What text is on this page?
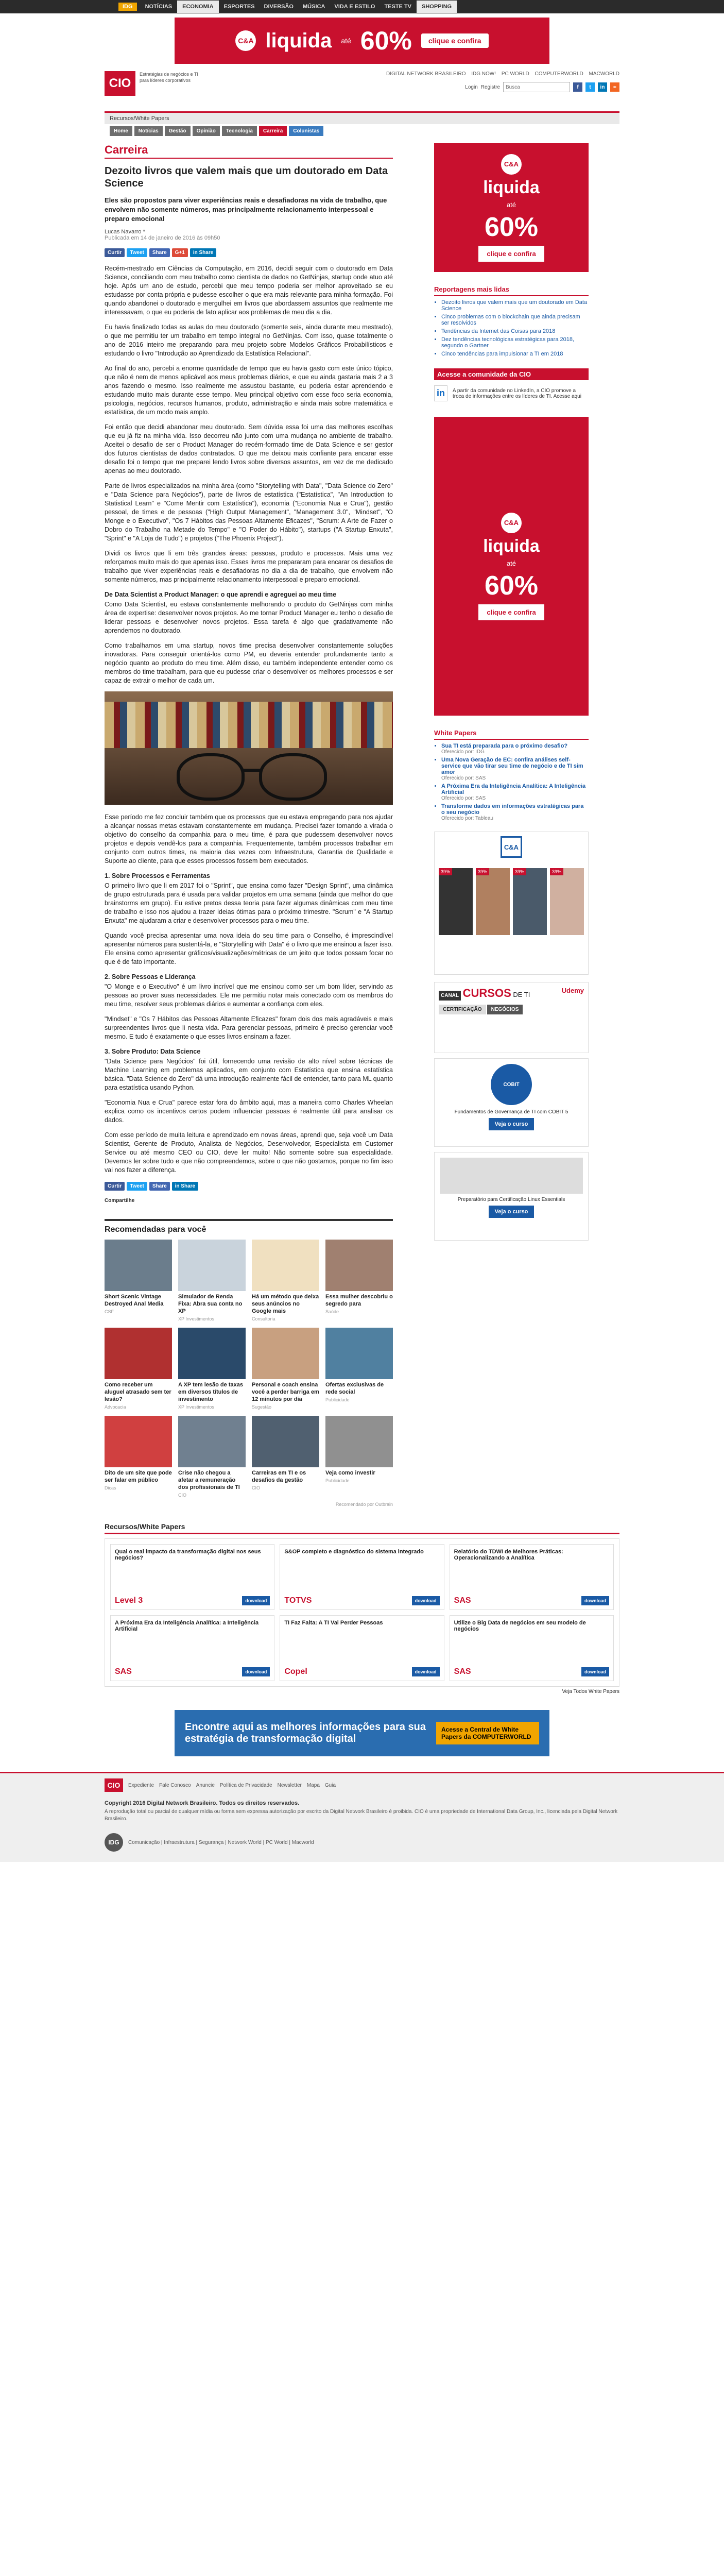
IDG	NOTÍCIAS	ECONOMIA	ESPORTES	DIVERSÃO	MÚSICA	VIDA E ESTILO	TESTE TV	SHOPPING
C&A liquida até 60%	clique e confira
CIO
Estratégias de negócios e TI para líderes corporativos
DIGITAL NETWORK BRASILEIRO IDG NOW! PC WORLD COMPUTERWORLD MACWORLD
Login Registre
Busca	f	t	in	≈
Recursos/White Papers
Home	Notícias	Gestão	Opinião	Tecnologia	Carreira	Colunistas
Carreira
Dezoito livros que valem mais que um doutorado em Data Science
Eles são propostos para viver experiências reais e desafiadoras na vida de trabalho, que envolvem não somente números, mas principalmente relacionamento interpessoal e preparo emocional
Lucas Navarro *
Publicada em 14 de janeiro de 2016 às 09h50
Curtir	Tweet	Share	G+1	in Share

Recém-mestrado em Ciências da Computação, em 2016, decidi seguir com o doutorado em Data Science, conciliando com meu trabalho como cientista de dados no GetNinjas, startup onde atuo até hoje. Após um ano de estudo, percebi que meu tempo poderia ser melhor aproveitado se eu estudasse por conta própria e pudesse escolher o que era mais relevante para minha formação. Foi quando abandonei o doutorado e mergulhei em livros que abordassem assuntos que realmente me interessavam, o que eu poderia de fato aplicar aos problemas de meu dia a dia.

Eu havia finalizado todas as aulas do meu doutorado (somente seis, ainda durante meu mestrado), o que me permitiu ter um trabalho em tempo integral no GetNinjas. Com isso, quase totalmente o ano de 2016 inteiro me preparando para meu projeto sobre Modelos Gráficos Probabilísticos e estudando o livro "Introdução ao Aprendizado da Estatística Relacional".

Ao final do ano, percebi a enorme quantidade de tempo que eu havia gasto com este único tópico, que não é nem de menos aplicável aos meus problemas diários, e que eu ainda gastaria mais 2 a 3 anos fazendo o mesmo. Isso realmente me assustou bastante, eu poderia estar aprendendo e estudando muito mais durante esse tempo. Meu principal objetivo com esse foco seria economia, psicologia, negócios, recursos humanos, produto, administração e ainda mais sobre matemática e estatística, de um modo mais amplo.

Foi então que decidi abandonar meu doutorado. Sem dúvida essa foi uma das melhores escolhas que eu já fiz na minha vida. Isso decorreu não junto com uma mudança no ambiente de trabalho. Aceitei o desafio de ser o Product Manager do recém-formado time de Data Science e ser gestor dos futuros cientistas de dados contratados. O que me deixou mais confiante para encarar esse desafio foi o tempo que me preparei lendo livros sobre diversos assuntos, em vez de me dedicado apenas ao meu doutorado.

Parte de livros especializados na minha área (como "Storytelling with Data", "Data Science do Zero" e "Data Science para Negócios"), parte de livros de estatística ("Estatística", "An Introduction to Statistical Learn" e "Come Mentir com Estatística"), economia ("Economia Nua e Crua"), gestão pessoal, de times e de pessoas ("High Output Management", "Management 3.0", "Mindset", "O Monge e o Executivo", "Os 7 Hábitos das Pessoas Altamente Eficazes", "Scrum: A Arte de Fazer o Dobro do Trabalho na Metade do Tempo" e "O Poder do Hábito"), startups ("A Startup Enxuta", "Sprint" e "A Loja de Tudo") e projetos ("The Phoenix Project").

Dividi os livros que li em três grandes áreas: pessoas, produto e processos. Mais uma vez reforçamos muito mais do que apenas isso. Esses livros me prepararam para encarar os desafios de trabalho que viver experiências reais e desafiadoras no dia a dia de trabalho, que envolvem não somente números, mas principalmente relacionamento interpessoal e preparo emocional.

De Data Scientist a Product Manager: o que aprendi e agreguei ao meu time

Como Data Scientist, eu estava constantemente melhorando o produto do GetNinjas com minha área de expertise: desenvolver novos projetos. Ao me tornar Product Manager eu tenho o desafio de liderar pessoas e desenvolver novos projetos. Essa tarefa é algo que gradativamente não aprendemos no doutorado.

Como trabalhamos em uma startup, novos time precisa desenvolver constantemente soluções inovadoras. Para conseguir orientá-los como PM, eu deveria entender profundamente tanto a negócio quanto ao produto do meu time. Além disso, eu também independente entender como os membros do time trabalham, para que eu pudesse criar o desenvolver os melhores processos e ser capaz de extrair o melhor de cada um.

Esse período me fez concluir também que os processos que eu estava empregando para nos ajudar a alcançar nossas metas estavam constantemente em mudança. Precisei fazer tomando a virada o objetivo do conselho da companhia para o meu time, é para que pudessem desenvolver novos projetos e depois vendê-los para a companhia. Frequentemente, tambêm processos trabalhar em conjunto com outros times, na maioria das vezes com Infraestrutura, Garantia de Qualidade e Suporte ao cliente, para que esses processos fossem bem executados.

1. Sobre Processos e Ferramentas

O primeiro livro que li em 2017 foi o "Sprint", que ensina como fazer "Design Sprint", uma dinâmica de grupo estruturada para é usada para validar projetos em uma semana (ainda que melhor do que brainstorms em grupo). Eu estive pretos dessa teoria para fazer algumas dinâmicas com meu time de trabalho e isso nos ajudou a trazer ideias ótimas para o próximo trimestre. "Scrum" e "A Startup Enxuta" me ajudaram a criar e desenvolver processos para o meu time.

Quando você precisa apresentar uma nova ideia do seu time para o Conselho, é imprescindível apresentar números para sustentá-la, e "Storytelling with Data" é o livro que me ensinou a fazer isso. Ele ensina como apresentar gráficos/visualizações/métricas de um jeito que todos possam focar no que é de fato importante.

2. Sobre Pessoas e Liderança

"O Monge e o Executivo" é um livro incrível que me ensinou como ser um bom líder, servindo as pessoas ao prover suas necessidades. Ele me permitiu notar mais conectado com os membros do meu time, resolver seus problemas diários e aumentar a confiança com eles.

"Mindset" e "Os 7 Hábitos das Pessoas Altamente Eficazes" foram dois dos mais agradáveis e mais surpreendentes livros que li nesta vida. Para gerenciar pessoas, primeiro é preciso gerenciar você mesmo. E tudo é exatamente o que esses livros ensinam a fazer.

3. Sobre Produto: Data Science

"Data Science para Negócios" foi útil, fornecendo uma revisão de alto nível sobre técnicas de Machine Learning em problemas aplicados, em conjunto com Estatística que ensina estatística básica. "Data Science do Zero" dá uma introdução realmente fácil de entender, tanto para ML quanto para estatística usando Python.

"Economia Nua e Crua" parece estar fora do âmbito aqui, mas a maneira como Charles Wheelan explica como os incentivos certos podem influenciar pessoas é realmente útil para analisar os dados.

Com esse período de muita leitura e aprendizado em novas áreas, aprendi que, seja você um Data Scientist, Gerente de Produto, Analista de Negócios, Desenvolvedor, Especialista em Customer Service ou até mesmo CEO ou CIO, deve ler muito! Não somente sobre sua especialidade. Devemos ler sobre tudo e que não compreendemos, sobre o que não gostamos, porque no fim isso vai nos fazer a diferença.

Curtir	Tweet	Share	in Share
Compartilhe
Recomendadas para você
Short Scenic Vintage Destroyed Anal Media
CSF
Simulador de Renda Fixa: Abra sua conta no XP
XP Investimentos
Há um método que deixa seus anúncios no Google mais
Consultoria
Essa mulher descobriu o segredo para
Saúde
Como receber um aluguel atrasado sem ter lesão?
Advocacia
A XP tem lesão de taxas em diversos títulos de investimento
XP Investimentos
Personal e coach ensina você a perder barriga em 12 minutos por dia
Sugestão
Ofertas exclusivas de rede social
Publicidade
Dito de um site que pode ser falar em público
Dicas
Crise não chegou a afetar a remuneração dos profissionais de TI
CIO
Carreiras em TI e os desafios da gestão
CIO
Veja como investir
Publicidade
Recomendado por Outbrain
C&A
liquida
até
60%
clique e confira
Reportagens mais lidas
• Dezoito livros que valem mais que um doutorado em Data Science
• Cinco problemas com o blockchain que ainda precisam ser resolvidos
• Tendências da Internet das Coisas para 2018
• Dez tendências tecnológicas estratégicas para 2018, segundo o Gartner
• Cinco tendências para impulsionar a TI em 2018
Acesse a comunidade da CIO
in	A partir da comunidade no LinkedIn, a CIO promove a troca de informações entre os líderes de TI. Acesse aqui
C&A
liquida
até
60%
clique e confira
White Papers
• Sua TI está preparada para o próximo desafio?
Oferecido por: IDG
• Uma Nova Geração de EC: confira análises self-service que vão tirar seu time de negócio e de TI sim amor
Oferecido por: SAS
• A Próxima Era da Inteligência Analítica: A Inteligência Artificial
Oferecido por: SAS
• Transforme dados em informações estratégicas para o seu negócio
Oferecido por: Tableau
C&A
39%	39%	39%	39%
CANAL CURSOS DE TI
Udemy
CERTIFICAÇÃO	NEGÓCIOS
COBIT
Fundamentos de Governança de TI com COBIT 5
Veja o curso
Preparatório para Certificação Linux Essentials
Veja o curso
Recursos/White Papers
Qual o real impacto da transformação digital nos seus negócios?
Level 3	download
S&OP completo e diagnóstico do sistema integrado
TOTVS	download
Relatório do TDWI de Melhores Práticas: Operacionalizando a Analítica
SAS	download
A Próxima Era da Inteligência Analítica: a Inteligência Artificial
SAS	download
TI Faz Falta: A TI Vai Perder Pessoas
Copel	download
Utilize o Big Data de negócios em seu modelo de negócios
SAS	download
Veja Todos White Papers
Encontre aqui as melhores informações para sua estratégia de transformação digital
Acesse a Central de White Papers da COMPUTERWORLD
CIO	Expediente Fale Conosco Anuncie Política de Privacidade Newsletter Mapa Guia
Copyright 2016 Digital Network Brasileiro. Todos os direitos reservados.
A reprodução total ou parcial de qualquer mídia ou forma sem expressa autorização por escrito da Digital Network Brasileiro é proibida. CIO é uma propriedade de International Data Group, Inc., licenciada pela Digital Network Brasileiro.
IDG	Comunicação | Infraestrutura | Segurança | Network World | PC World | Macworld
